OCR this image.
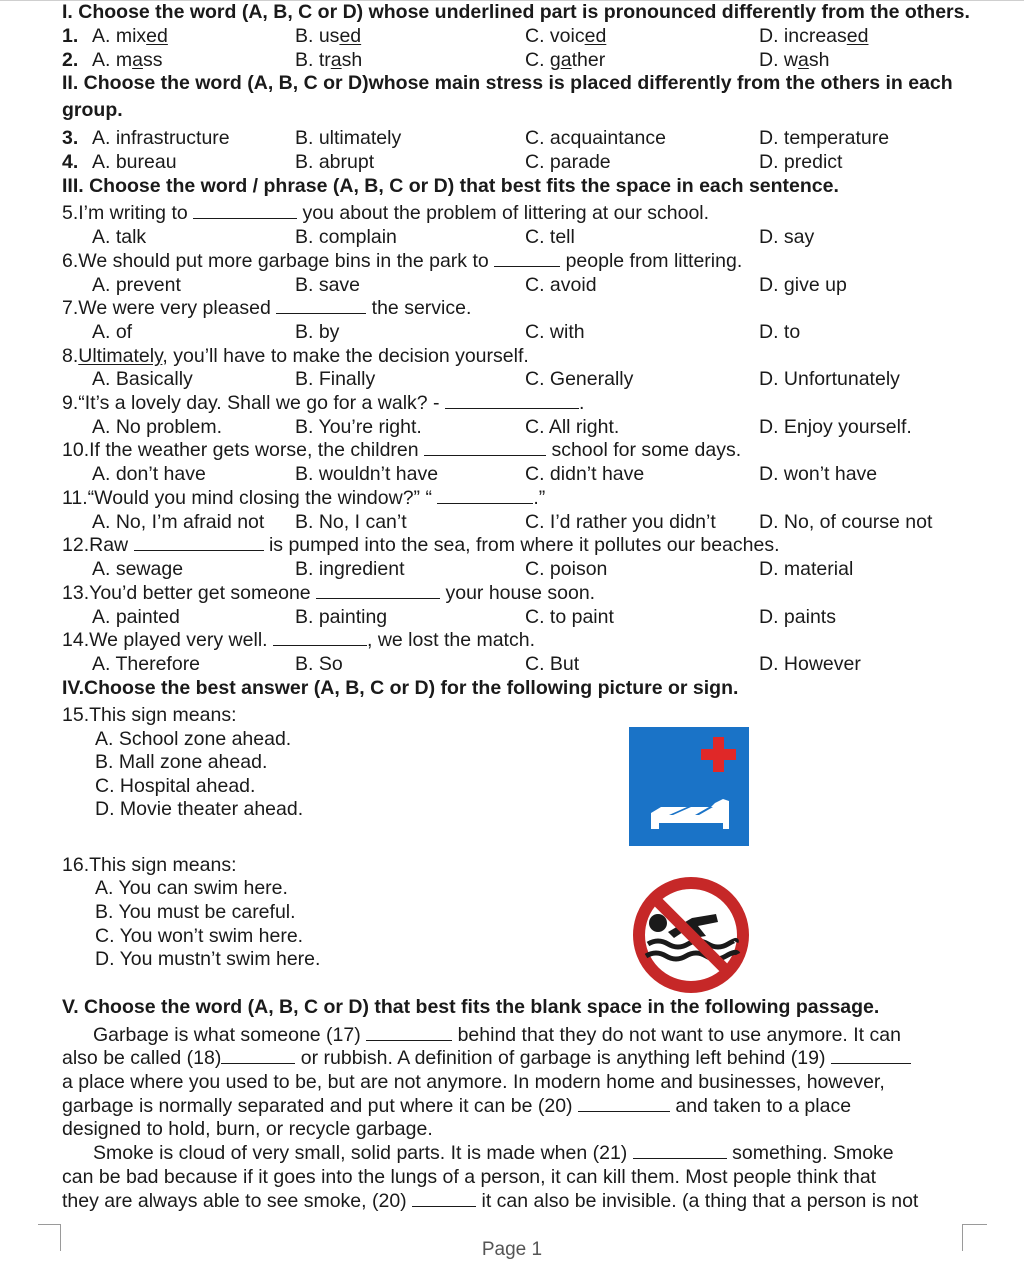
I. Choose the word (A, B, C or D) whose underlined part is pronounced differently from the others.
1. A. mixed	B. used	C. voiced	D. increased
2. A. mass	B. trash	C. gather	D. wash
II. Choose the word (A, B, C or D)whose main stress is placed differently from the others in each
group.
3. A. infrastructure	B. ultimately	C. acquaintance	D. temperature
4. A. bureau	B. abrupt	C. parade	D. predict
III. Choose the word / phrase (A, B, C or D) that best fits the space in each sentence.
5.I’m writing to	you about the problem of littering at our school.
A. talk	B. complain	C. tell	D. say
6.We should put more garbage bins in the park to	people from littering.
A. prevent	B. save	C. avoid	D. give up
7.We were very pleased	the service.
A. of	B. by	C. with	D. to
8.Ultimately, you’ll have to make the decision yourself.
A. Basically	B. Finally	C. Generally	D. Unfortunately
9.“It’s a lovely day. Shall we go for a walk? -	.
A. No problem.	B. You’re right.	C. All right.	D. Enjoy yourself.
10.If the weather gets worse, the children	school for some days.
A. don’t have	B. wouldn’t have	C. didn’t have	D. won’t have
11.“Would you mind closing the window?” “	.”
A. No, I’m afraid not B. No, I can’t	C. I’d rather you didn’t D. No, of course not
12.Raw	is pumped into the sea, from where it pollutes our beaches.
A. sewage	B. ingredient	C. poison	D. material
13.You’d better get someone	your house soon.
A. painted	B. painting	C. to paint	D. paints
14.We played very well.	, we lost the match.
A. Therefore	B. So	C. But	D. However
IV.Choose the best answer (A, B, C or D) for the following picture or sign.
15.This sign means:
A. School zone ahead.
B. Mall zone ahead.
C. Hospital ahead.
D. Movie theater ahead.
16.This sign means:
A. You can swim here.
B. You must be careful.
C. You won’t swim here.
D. You mustn’t swim here.
V. Choose the word (A, B, C or D) that best fits the blank space in the following passage.
Garbage is what someone (17)	behind that they do not want to use anymore. It can
also be called (18)	or rubbish. A definition of garbage is anything left behind (19)
a place where you used to be, but are not anymore. In modern home and businesses, however,
garbage is normally separated and put where it can be (20)	and taken to a place
designed to hold, burn, or recycle garbage.
Smoke is cloud of very small, solid parts. It is made when (21)	something. Smoke
can be bad because if it goes into the lungs of a person, it can kill them. Most people think that
they are always able to see smoke, (20)	it can also be invisible. (a thing that a person is not
Page 1
